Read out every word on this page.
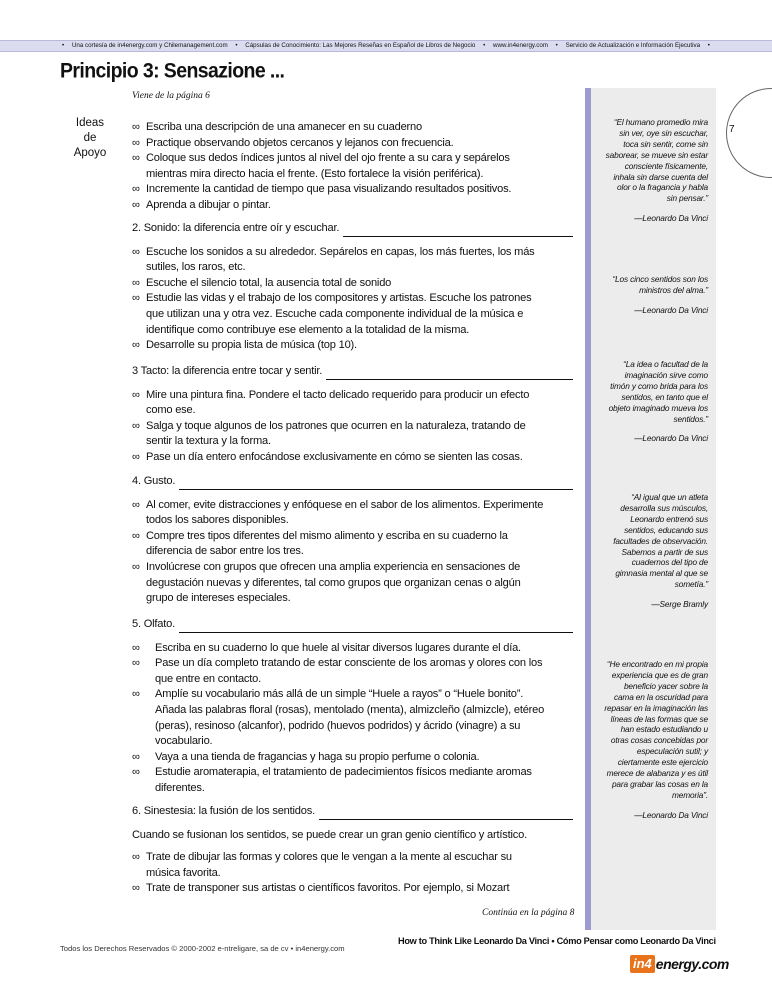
• Una cortesía de in4energy.com y Chilemanagement.com • Cápsulas de Conocimiento: Las Mejores Reseñas en Español de Libros de Negocio • www.in4energy.com • Servicio de Actualización e Información Ejecutiva •
Principio 3: Sensazione ...
Viene de la página 6
Ideas
de
Apoyo
“El humano promedio mira
sin ver, oye sin escuchar,
toca sin sentir, come sin
saborear, se mueve sin estar
consciente físicamente,
inhala sin darse cuenta del
olor o la fragancia y habla
sin pensar.”
—Leonardo Da Vinci
“Los cinco sentidos son los
ministros del alma.”
—Leonardo Da Vinci
“La idea o facultad de la
imaginación sirve como
timón y como brida para los
sentidos, en tanto que el
objeto imaginado mueva los
sentidos.”
—Leonardo Da Vinci
“Al igual que un atleta
desarrolla sus músculos,
Leonardo entrenó sus
sentidos, educando sus
facultades de observación.
Sabemos a partir de sus
cuadernos del tipo de
gimnasia mental al que se
sometía.”
—Serge Bramly
“He encontrado en mi propia
experiencia que es de gran
beneficio yacer sobre la
cama en la oscuridad para
repasar en la imaginación las
líneas de las formas que se
han estado estudiando u
otras cosas concebidas por
especulación sutil; y
ciertamente este ejercicio
merece de alabanza y es útil
para grabar las cosas en la
memoria”.
—Leonardo Da Vinci
7
∞ Escriba una descripción de una amanecer en su cuaderno
∞ Practique observando objetos cercanos y lejanos con frecuencia.
∞ Coloque sus dedos índices juntos al nivel del ojo frente a su cara y sepárelos
mientras mira directo hacia el frente. (Esto fortalece la visión periférica).
∞ Incremente la cantidad de tiempo que pasa visualizando resultados positivos.
∞ Aprenda a dibujar o pintar.
2. Sonido: la diferencia entre oír y escuchar.
∞ Escuche los sonidos a su alrededor. Sepárelos en capas, los más fuertes, los más
sutiles, los raros, etc.
∞ Escuche el silencio total, la ausencia total de sonido
∞ Estudie las vidas y el trabajo de los compositores y artistas. Escuche los patrones
que utilizan una y otra vez. Escuche cada componente individual de la música e
identifique como contribuye ese elemento a la totalidad de la misma.
∞ Desarrolle su propia lista de música (top 10).
3 Tacto: la diferencia entre tocar y sentir.
∞ Mire una pintura fina. Pondere el tacto delicado requerido para producir un efecto
como ese.
∞ Salga y toque algunos de los patrones que ocurren en la naturaleza, tratando de
sentir la textura y la forma.
∞ Pase un día entero enfocándose exclusivamente en cómo se sienten las cosas.
4. Gusto.
∞ Al comer, evite distracciones y enfóquese en el sabor de los alimentos. Experimente
todos los sabores disponibles.
∞ Compre tres tipos diferentes del mismo alimento y escriba en su cuaderno la
diferencia de sabor entre los tres.
∞ Involúcrese con grupos que ofrecen una amplia experiencia en sensaciones de
degustación nuevas y diferentes, tal como grupos que organizan cenas o algún
grupo de intereses especiales.
5. Olfato.
∞ Escriba en su cuaderno lo que huele al visitar diversos lugares durante el día.
∞ Pase un día completo tratando de estar consciente de los aromas y olores con los
que entre en contacto.
∞ Amplíe su vocabulario más allá de un simple “Huele a rayos” o “Huele bonito”.
Añada las palabras floral (rosas), mentolado (menta), almizcleño (almizcle), etéreo
(peras), resinoso (alcanfor), podrido (huevos podridos) y ácrido (vinagre) a su
vocabulario.
∞ Vaya a una tienda de fragancias y haga su propio perfume o colonia.
∞ Estudie aromaterapia, el tratamiento de padecimientos físicos mediante aromas
diferentes.
6. Sinestesia: la fusión de los sentidos.
Cuando se fusionan los sentidos, se puede crear un gran genio científico y artístico.
∞ Trate de dibujar las formas y colores que le vengan a la mente al escuchar su
música favorita.
∞ Trate de transponer sus artistas o científicos favoritos. Por ejemplo, si Mozart
Continúa en la página 8
Todos los Derechos Reservados © 2000-2002 e-ntreligare, sa de cv • in4energy.com
How to Think Like Leonardo Da Vinci • Cómo Pensar como Leonardo Da Vinci
in4 energy.com
